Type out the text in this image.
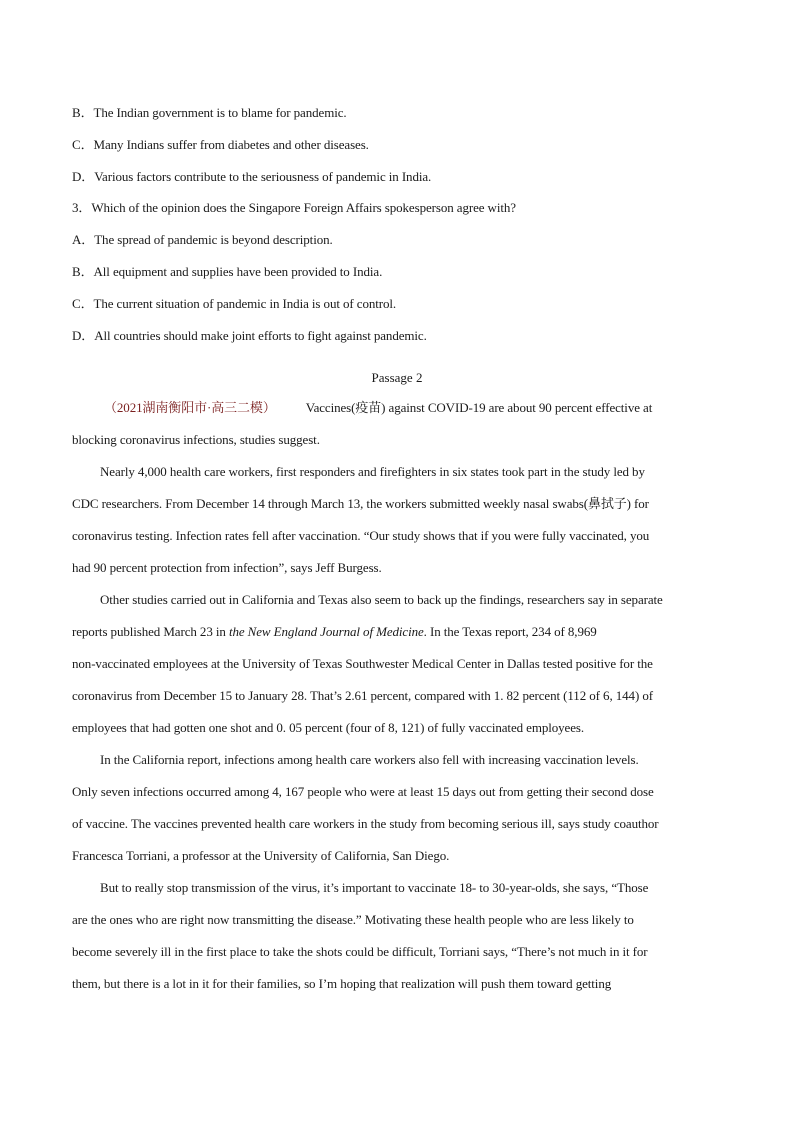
B．The Indian government is to blame for pandemic.
C．Many Indians suffer from diabetes and other diseases.
D．Various factors contribute to the seriousness of pandemic in India.
3．Which of the opinion does the Singapore Foreign Affairs spokesperson agree with?
A．The spread of pandemic is beyond description.
B．All equipment and supplies have been provided to India.
C．The current situation of pandemic in India is out of control.
D．All countries should make joint efforts to fight against pandemic.
Passage 2
（2021湖南衡阳市·高三二模） Vaccines(疫苗) against COVID-19 are about 90 percent effective at
blocking coronavirus infections, studies suggest.
Nearly 4,000 health care workers, first responders and firefighters in six states took part in the study led by
CDC researchers. From December 14 through March 13, the workers submitted weekly nasal swabs(鼻拭子) for
coronavirus testing. Infection rates fell after vaccination. “Our study shows that if you were fully vaccinated, you
had 90 percent protection from infection”, says Jeff Burgess.
Other studies carried out in California and Texas also seem to back up the findings, researchers say in separate
reports published March 23 in the New England Journal of Medicine. In the Texas report, 234 of 8,969
non-vaccinated employees at the University of Texas Southwester Medical Center in Dallas tested positive for the
coronavirus from December 15 to January 28. That’s 2.61 percent, compared with 1. 82 percent (112 of 6, 144) of
employees that had gotten one shot and 0. 05 percent (four of 8, 121) of fully vaccinated employees.
In the California report, infections among health care workers also fell with increasing vaccination levels.
Only seven infections occurred among 4, 167 people who were at least 15 days out from getting their second dose
of vaccine. The vaccines prevented health care workers in the study from becoming serious ill, says study coauthor
Francesca Torriani, a professor at the University of California, San Diego.
But to really stop transmission of the virus, it’s important to vaccinate 18- to 30-year-olds, she says, “Those
are the ones who are right now transmitting the disease.” Motivating these health people who are less likely to
become severely ill in the first place to take the shots could be difficult, Torriani says, “There’s not much in it for
them, but there is a lot in it for their families, so I’m hoping that realization will push them toward getting
